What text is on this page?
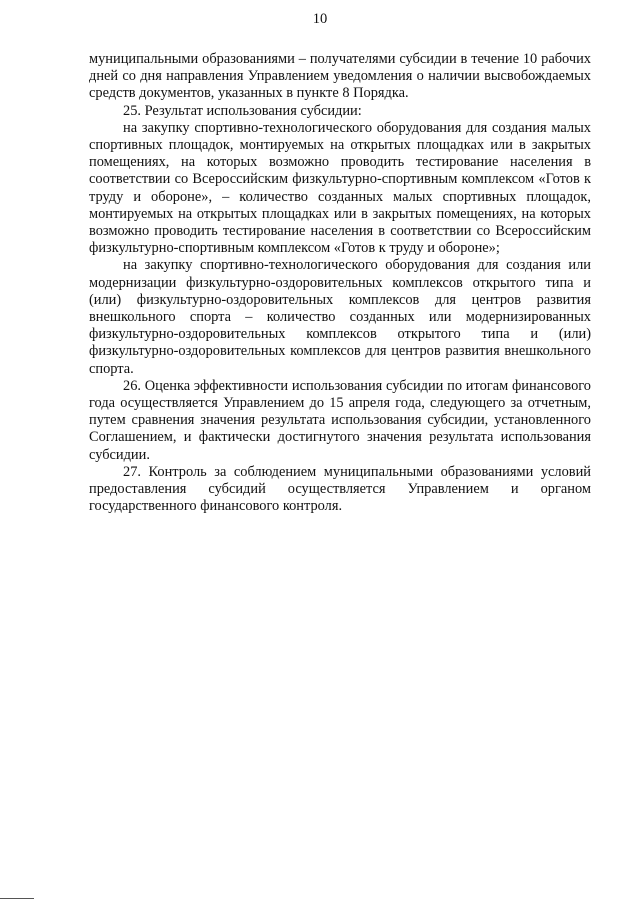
10

муниципальными образованиями – получателями субсидии в течение 10 рабочих дней со дня направления Управлением уведомления о наличии высвобождаемых средств документов, указанных в пункте 8 Порядка.

25. Результат использования субсидии:

на закупку спортивно-технологического оборудования для создания малых спортивных площадок, монтируемых на открытых площадках или в закрытых помещениях, на которых возможно проводить тестирование населения в соответствии со Всероссийским физкультурно-спортивным комплексом «Готов к труду и обороне», – количество созданных малых спортивных площадок, монтируемых на открытых площадках или в закрытых помещениях, на которых возможно проводить тестирование населения в соответствии со Всероссийским физкультурно-спортивным комплексом «Готов к труду и обороне»;

на закупку спортивно-технологического оборудования для создания или модернизации физкультурно-оздоровительных комплексов открытого типа и (или) физкультурно-оздоровительных комплексов для центров развития внешкольного спорта – количество созданных или модернизированных физкультурно-оздоровительных комплексов открытого типа и (или) физкультурно-оздоровительных комплексов для центров развития внешкольного спорта.

26. Оценка эффективности использования субсидии по итогам финансового года осуществляется Управлением до 15 апреля года, следующего за отчетным, путем сравнения значения результата использования субсидии, установленного Соглашением, и фактически достигнутого значения результата использования субсидии.

27. Контроль за соблюдением муниципальными образованиями условий предоставления субсидий осуществляется Управлением и органом государственного финансового контроля.
